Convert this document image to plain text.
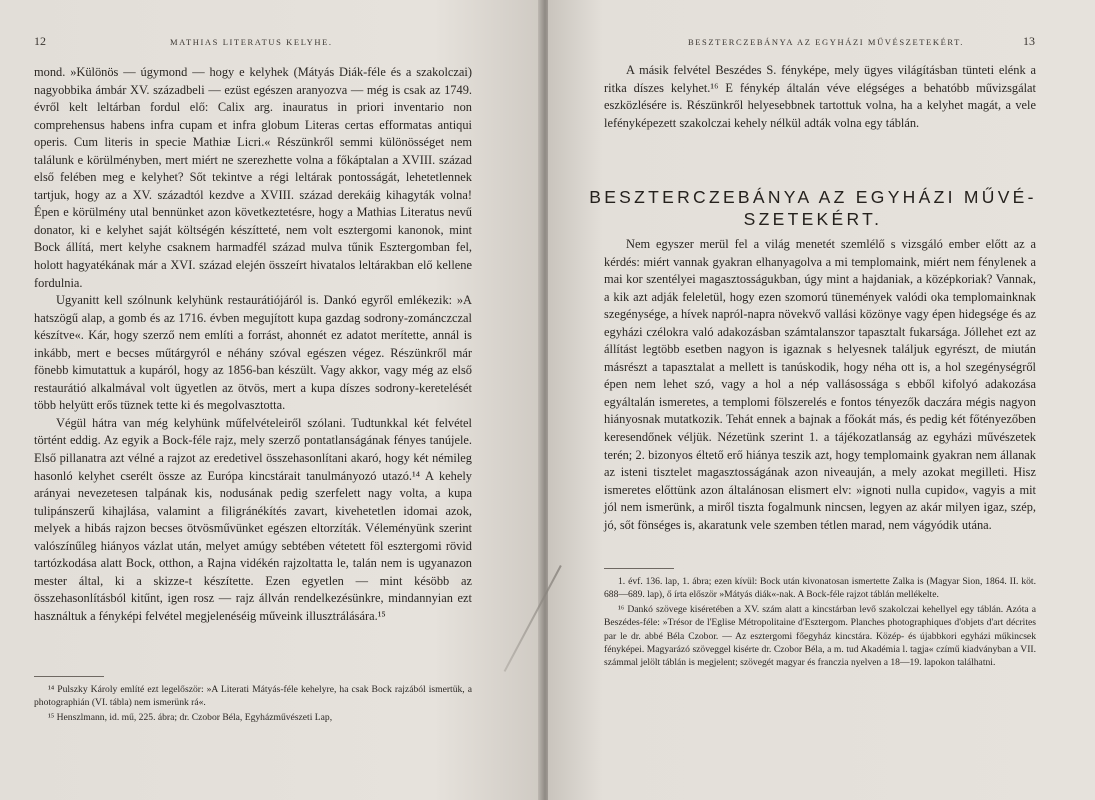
12	MATHIAS LITERATUS KELYHE.

mond. »Különös — úgymond — hogy e kelyhek (Mátyás Diák-féle és a szakolczai) nagyobbika ámbár XV. századbeli — ezüst egészen aranyozva — még is csak az 1749. évről kelt leltárban fordul elő: Calix arg. inauratus in priori inventario non comprehensus habens infra cupam et infra globum Literas certas efformatas antiqui operis. Cum literis in specie Mathiæ Licri.« Részünkről semmi különösséget nem találunk e körülményben, mert miért ne szerezhette volna a főkáptalan a XVIII. század első felében meg e kelyhet? Sőt tekintve a régi leltárak pontosságát, lehetetlennek tartjuk, hogy az a XV. századtól kezdve a XVIII. század derekáig kihagyták volna! Épen e körülmény utal bennünket azon következtetésre, hogy a Mathias Literatus nevű donator, ki e kelyhet saját költségén készítteté, nem volt esztergomi kanonok, mint Bock állítá, mert kelyhe csaknem harmadfél század mulva tűnik Esztergomban fel, holott hagyatékának már a XVI. század elején összeírt hivatalos leltárakban elő kellene fordulnia.

Ugyanitt kell szólnunk kelyhünk restaurátiójáról is. Dankó egyről emlékezik: »A hatszögű alap, a gomb és az 1716. évben megujított kupa gazdag sodrony-zománczczal készítve«. Kár, hogy szerző nem említi a forrást, ahonnét ez adatot merítette, annál is inkább, mert e becses műtárgyról e néhány szóval egészen végez. Részünkről már fönebb kimutattuk a kupáról, hogy az 1856-ban készült. Vagy akkor, vagy még az első restaurátió alkalmával volt ügyetlen az ötvös, mert a kupa díszes sodrony-keretelését több helyütt erős tüznek tette ki és megolvasztotta.

Végül hátra van még kelyhünk műfelvételeiről szólani. Tudtunkkal két felvétel történt eddig. Az egyik a Bock-féle rajz, mely szerző pontatlanságának fényes tanújele. Első pillanatra azt vélné a rajzot az eredetivel összehasonlítani akaró, hogy két némileg hasonló kelyhet cserélt össze az Európa kincstárait tanulmányozó utazó.¹⁴ A kehely arányai nevezetesen talpának kis, nodusának pedig szerfelett nagy volta, a kupa tulipánszerű kihajlása, valamint a filigránékítés zavart, kivehetetlen idomai azok, melyek a hibás rajzon becses ötvösművünket egészen eltorzíták. Véleményünk szerint valószínűleg hiányos vázlat után, melyet amúgy sebtében vétetett föl esztergomi rövid tartózkodása alatt Bock, otthon, a Rajna vidékén rajzoltatta le, talán nem is ugyanazon mester által, ki a skizze-t készítette. Ezen egyetlen — mint késöbb az összehasonlításból kitűnt, igen rosz — rajz állván rendelkezésünkre, mindannyian ezt használtuk a fényképi felvétel megjelenéséig műveink illusztrálására.¹⁵

¹⁴ Pulszky Károly említé ezt legelőször: »A Literati Mátyás-féle kehelyre, ha csak Bock rajzából ismertük, a photographián (VI. tábla) nem ismerünk rá«.

¹⁵ Henszlmann, id. mű, 225. ábra; dr. Czobor Béla, Egyházművészeti Lap,

BESZTERCZEBÁNYA AZ EGYHÁZI MŰVÉSZETEKÉRT.	13

A másik felvétel Beszédes S. fényképe, mely ügyes világításban tünteti elénk a ritka díszes kelyhet.¹⁶ E fénykép általán véve elégséges a behatóbb művizsgálat eszközlésére is. Részünkről helyesebbnek tartottuk volna, ha a kelyhet magát, a vele lefényképezett szakolczai kehely nélkül adták volna egy táblán.

BESZTERCZEBÁNYA AZ EGYHÁZI MŰVÉ-
SZETEKÉRT.

Nem egyszer merül fel a világ menetét szemlélő s vizsgáló ember előtt az a kérdés: miért vannak gyakran elhanyagolva a mi templomaink, miért nem fénylenek a mai kor szentélyei magasztosságukban, úgy mint a hajdaniak, a középkoriak? Vannak, a kik azt adják feleletül, hogy ezen szomorú tünemények valódi oka templomainknak szegénysége, a hívek napról-napra növekvő vallási közönye vagy épen hidegsége és az egyházi czélokra való adakozásban számtalanszor tapasztalt fukarsága. Jóllehet ezt az állítást legtöbb esetben nagyon is igaznak s helyesnek találjuk egyrészt, de miután másrészt a tapasztalat a mellett is tanúskodik, hogy néha ott is, a hol szegénységről épen nem lehet szó, vagy a hol a nép vallásossága s ebből kifolyó adakozása egyáltalán ismeretes, a templomi fölszerelés e fontos tényezők daczára mégis nagyon hiányosnak mutatkozik. Tehát ennek a bajnak a főokát más, és pedig két főtényezőben keresendőnek véljük. Nézetünk szerint 1. a tájékozatlanság az egyházi művészetek terén; 2. bizonyos éltető erő hiánya teszik azt, hogy templomaink gyakran nem állanak az isteni tisztelet magasztosságának azon niveauján, a mely azokat megilleti. Hisz ismeretes előttünk azon általánosan elismert elv: »ignoti nulla cupido«, vagyis a mit jól nem ismerünk, a miről tiszta fogalmunk nincsen, legyen az akár milyen igaz, szép, jó, sőt fönséges is, akaratunk vele szemben tétlen marad, nem vágyódik utána.

1. évf. 136. lap, 1. ábra; ezen kívül: Bock után kivonatosan ismertette Zalka is (Magyar Sion, 1864. II. köt. 688—689. lap), ő írta először »Mátyás diák«-nak. A Bock-féle rajzot táblán mellékelte.

¹⁶ Dankó szövege kiséretében a XV. szám alatt a kincstárban levő szakolczai kehellyel egy táblán. Azóta a Beszédes-féle: »Trésor de l'Eglise Métropolitaine d'Esztergom. Planches photographiques d'objets d'art décrites par le dr. abbé Béla Czobor. — Az esztergomi főegyház kincstára. Közép- és újabbkori egyházi műkincsek fényképei. Magyarázó szöveggel kisérte dr. Czobor Béla, a m. tud Akadémia l. tagja« czímű kiadványban a VII. számmal jelölt táblán is megjelent; szövegét magyar és franczia nyelven a 18—19. lapokon találhatni.
